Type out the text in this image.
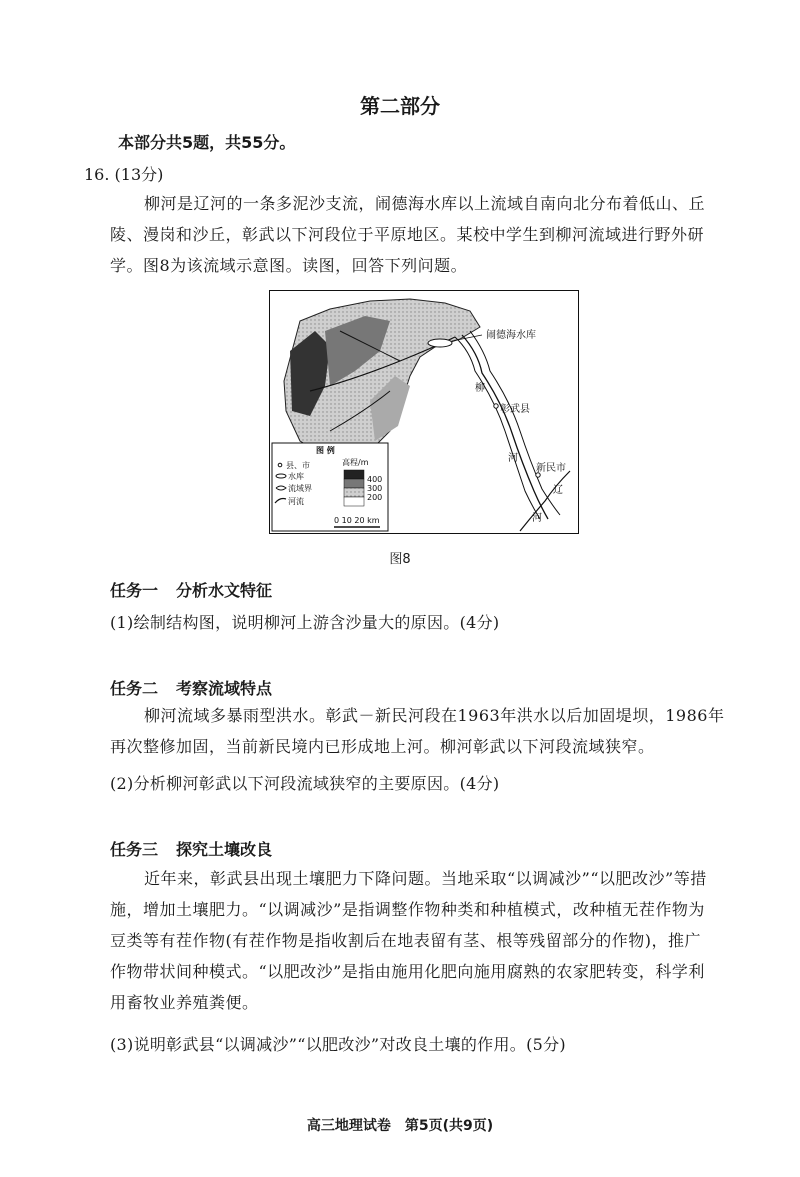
第二部分
本部分共5题，共55分。
16. (13分)
柳河是辽河的一条多泥沙支流，闹德海水库以上流域自南向北分布着低山、丘
陵、漫岗和沙丘，彰武以下河段位于平原地区。某校中学生到柳河流域进行野外研
学。图8为该流域示意图。读图，回答下列问题。
闹德海水库
彰武县
新民市
柳
河
辽
河
图 例
县、市
水库
流域界
河流
高程/m
400
300
200
0 10 20 km
图8
任务一 分析水文特征
(1)绘制结构图，说明柳河上游含沙量大的原因。(4分)
任务二 考察流域特点
柳河流域多暴雨型洪水。彰武－新民河段在1963年洪水以后加固堤坝，1986年
再次整修加固，当前新民境内已形成地上河。柳河彰武以下河段流域狭窄。
(2)分析柳河彰武以下河段流域狭窄的主要原因。(4分)
任务三 探究土壤改良
近年来，彰武县出现土壤肥力下降问题。当地采取“以调减沙”“以肥改沙”等措
施，增加土壤肥力。“以调减沙”是指调整作物种类和种植模式，改种植无茬作物为
豆类等有茬作物(有茬作物是指收割后在地表留有茎、根等残留部分的作物)，推广
作物带状间种模式。“以肥改沙”是指由施用化肥向施用腐熟的农家肥转变，科学利
用畜牧业养殖粪便。
(3)说明彰武县“以调减沙”“以肥改沙”对改良土壤的作用。(5分)
高三地理试卷　第5页(共9页)
